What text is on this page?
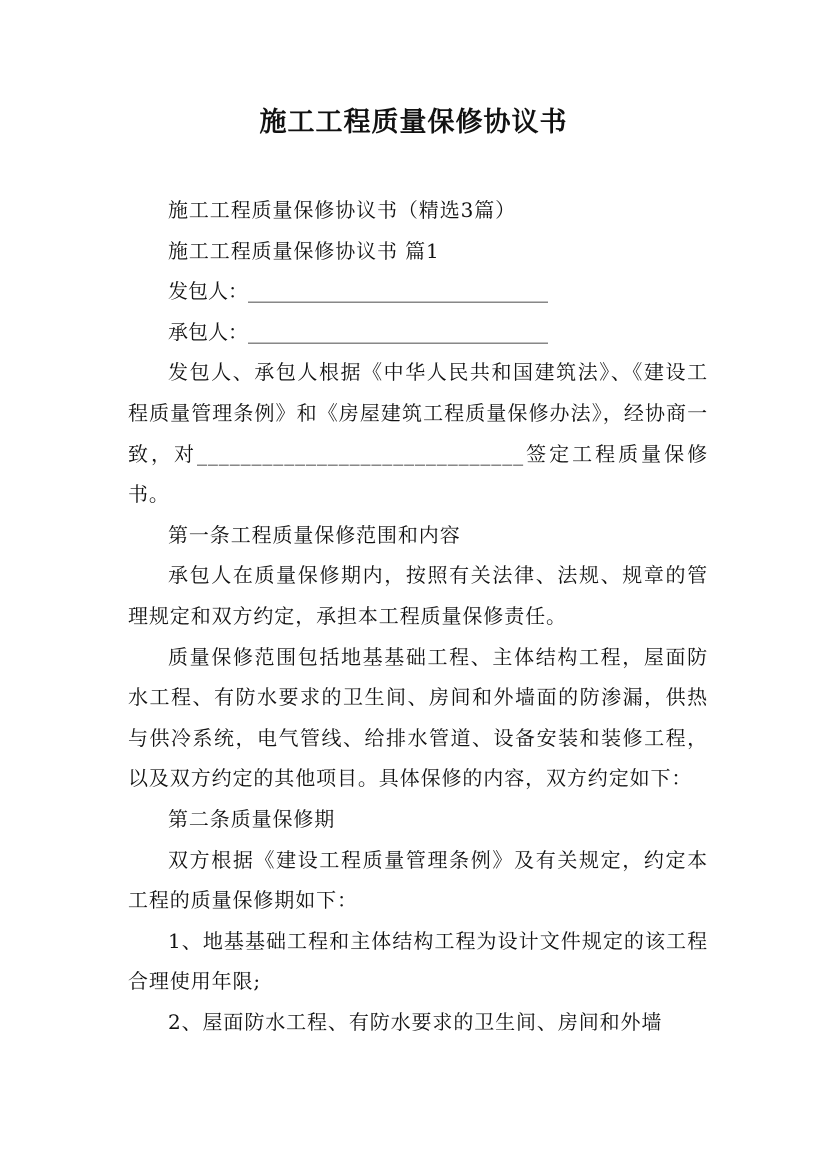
施工工程质量保修协议书

施工工程质量保修协议书（精选3篇）

施工工程质量保修协议书 篇1

发包人：______________________________

承包人：______________________________

发包人、承包人根据《中华人民共和国建筑法》、《建设工程质量管理条例》和《房屋建筑工程质量保修办法》，经协商一致，对______________________________签定工程质量保修书。

第一条工程质量保修范围和内容

承包人在质量保修期内，按照有关法律、法规、规章的管理规定和双方约定，承担本工程质量保修责任。

质量保修范围包括地基基础工程、主体结构工程，屋面防水工程、有防水要求的卫生间、房间和外墙面的防渗漏，供热与供冷系统，电气管线、给排水管道、设备安装和装修工程，以及双方约定的其他项目。具体保修的内容，双方约定如下：

第二条质量保修期

双方根据《建设工程质量管理条例》及有关规定，约定本工程的质量保修期如下：

1、地基基础工程和主体结构工程为设计文件规定的该工程合理使用年限;

2、屋面防水工程、有防水要求的卫生间、房间和外墙
